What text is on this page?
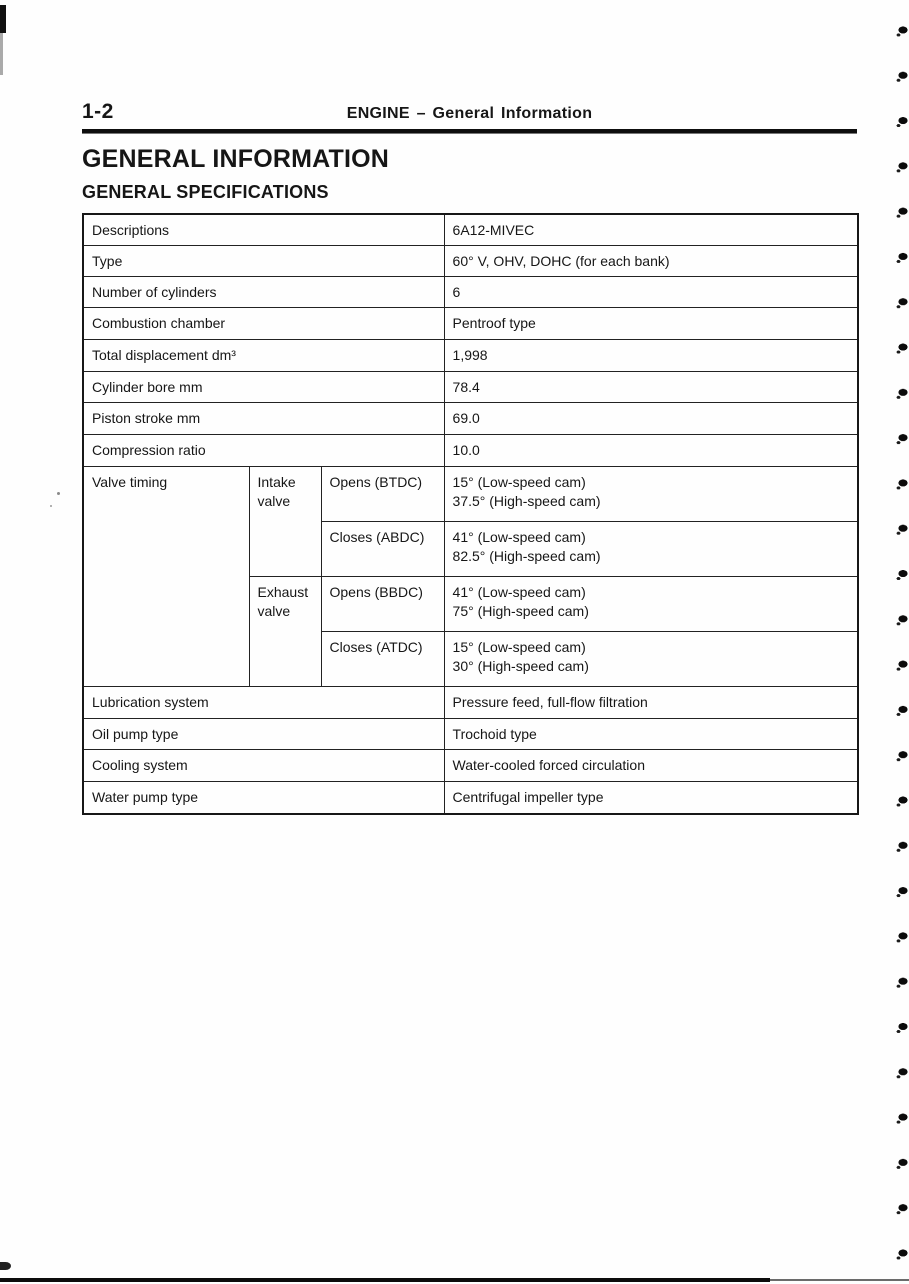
1-2	ENGINE – General Information
GENERAL INFORMATION
GENERAL SPECIFICATIONS
Descriptions			6A12-MIVEC
Type			60° V, OHV, DOHC (for each bank)
Number of cylinders			6
Combustion chamber			Pentroof type
Total displacement dm³			1,998
Cylinder bore mm			78.4
Piston stroke mm			69.0
Compression ratio			10.0
Valve timing	Intake valve	Opens (BTDC)	15° (Low-speed cam)
37.5° (High-speed cam)

		Closes (ABDC)	41° (Low-speed cam)
82.5° (High-speed cam)

	Exhaust valve	Opens (BBDC)	41° (Low-speed cam)
75° (High-speed cam)

		Closes (ATDC)	15° (Low-speed cam)
30° (High-speed cam)

Lubrication system			Pressure feed, full-flow filtration
Oil pump type			Trochoid type
Cooling system			Water-cooled forced circulation
Water pump type			Centrifugal impeller type
